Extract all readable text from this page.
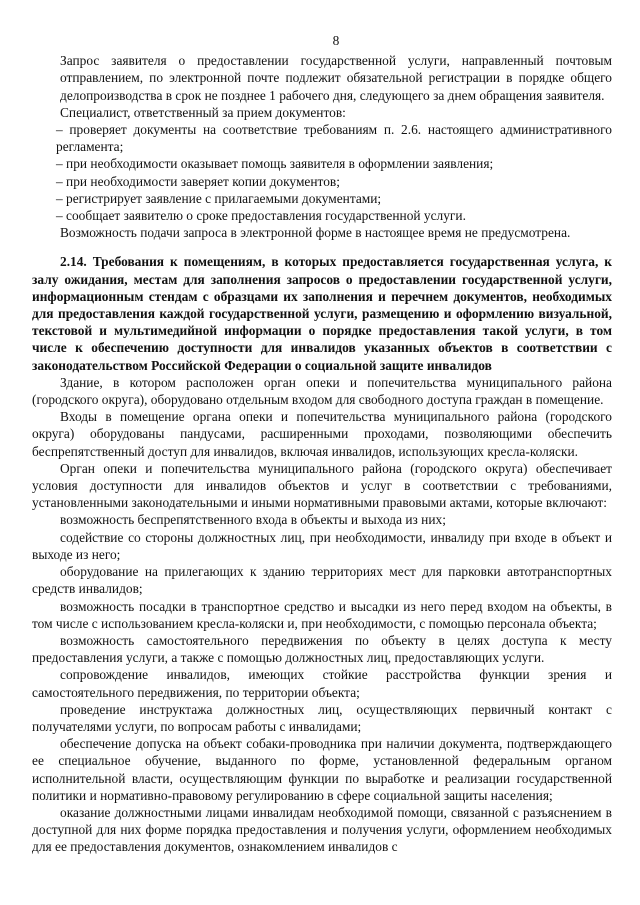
8

Запрос заявителя о предоставлении государственной услуги, направленный почтовым отправлением, по электронной почте подлежит обязательной регистрации в порядке общего делопроизводства в срок не позднее 1 рабочего дня, следующего за днем обращения заявителя.

Специалист, ответственный за прием документов:

– проверяет документы на соответствие требованиям п. 2.6. настоящего административного регламента;

– при необходимости оказывает помощь заявителя в оформлении заявления;

– при необходимости заверяет копии документов;

– регистрирует заявление с прилагаемыми документами;

– сообщает заявителю о сроке предоставления государственной услуги.

Возможность подачи запроса в электронной форме в настоящее время не предусмотрена.

2.14. Требования к помещениям, в которых предоставляется государственная услуга, к залу ожидания, местам для заполнения запросов о предоставлении государственной услуги, информационным стендам с образцами их заполнения и перечнем документов, необходимых для предоставления каждой государственной услуги, размещению и оформлению визуальной, текстовой и мультимедийной информации о порядке предоставления такой услуги, в том числе к обеспечению доступности для инвалидов указанных объектов в соответствии с законодательством Российской Федерации о социальной защите инвалидов

Здание, в котором расположен орган опеки и попечительства муниципального района (городского округа), оборудовано отдельным входом для свободного доступа граждан в помещение.

Входы в помещение органа опеки и попечительства муниципального района (городского округа) оборудованы пандусами, расширенными проходами, позволяющими обеспечить беспрепятственный доступ для инвалидов, включая инвалидов, использующих кресла-коляски.

Орган опеки и попечительства муниципального района (городского округа) обеспечивает условия доступности для инвалидов объектов и услуг в соответствии с требованиями, установленными законодательными и иными нормативными правовыми актами, которые включают:

возможность беспрепятственного входа в объекты и выхода из них;

содействие со стороны должностных лиц, при необходимости, инвалиду при входе в объект и выходе из него;

оборудование на прилегающих к зданию территориях мест для парковки автотранспортных средств инвалидов;

возможность посадки в транспортное средство и высадки из него перед входом на объекты, в том числе с использованием кресла-коляски и, при необходимости, с помощью персонала объекта;

возможность самостоятельного передвижения по объекту в целях доступа к месту предоставления услуги, а также с помощью должностных лиц, предоставляющих услуги.

сопровождение инвалидов, имеющих стойкие расстройства функции зрения и самостоятельного передвижения, по территории объекта;

проведение инструктажа должностных лиц, осуществляющих первичный контакт с получателями услуги, по вопросам работы с инвалидами;

обеспечение допуска на объект собаки-проводника при наличии документа, подтверждающего ее специальное обучение, выданного по форме, установленной федеральным органом исполнительной власти, осуществляющим функции по выработке и реализации государственной политики и нормативно-правовому регулированию в сфере социальной защиты населения;

оказание должностными лицами инвалидам необходимой помощи, связанной с разъяснением в доступной для них форме порядка предоставления и получения услуги, оформлением необходимых для ее предоставления документов, ознакомлением инвалидов с
